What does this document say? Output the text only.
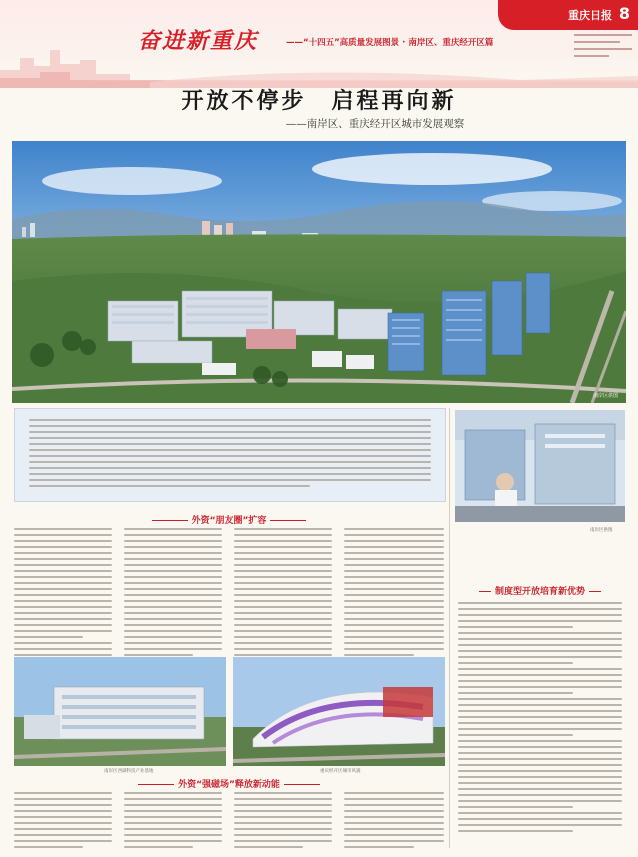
重庆日报 8
奋进新重庆	——“十四五”高质量发展图景 · 南岸区、重庆经开区篇
开放不停步　启程再向新
——南岸区、重庆经开区城市发展观察
南岸区供图
外资“朋友圈”扩容
南岸区西湖科技产业基地	重庆经开区城市风貌
外资“强磁场”释放新动能
南岸区供图
制度型开放培育新优势
